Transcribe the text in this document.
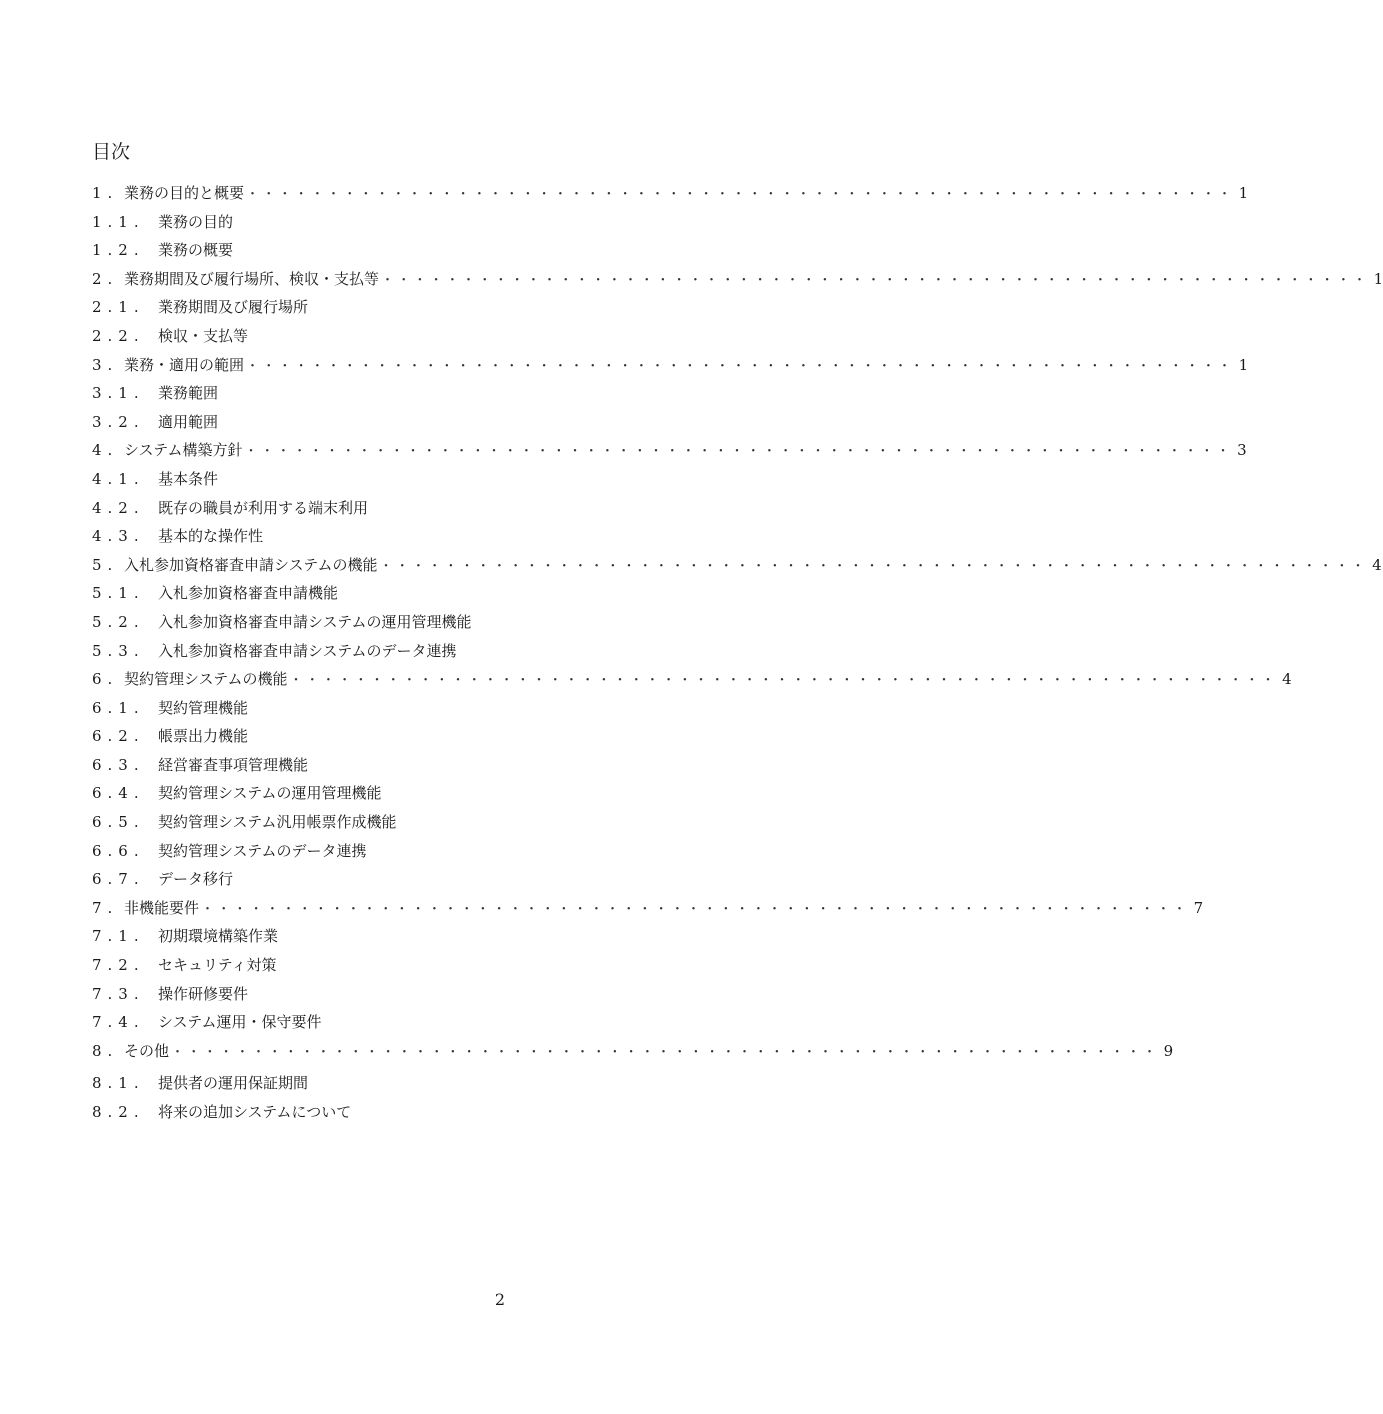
目次
1. 業務の目的と概要 ・・・・・・・・・・・・・・・・・・・・・・・・・・・・・・・・・・・・・・・・・・・・・・・・・・・・・・・・・・・・・ 1
1.1. 業務の目的
1.2. 業務の概要
2. 業務期間及び履行場所、検収・支払等 ・・・・・・・・・・・・・・・・・・・・・・・・・・・・・・・・・・・・・・・・・・・・・・・・・・・・・・・・・・・・・ 1
2.1. 業務期間及び履行場所
2.2. 検収・支払等
3. 業務・適用の範囲 ・・・・・・・・・・・・・・・・・・・・・・・・・・・・・・・・・・・・・・・・・・・・・・・・・・・・・・・・・・・・・ 1
3.1. 業務範囲
3.2. 適用範囲
4. システム構築方針 ・・・・・・・・・・・・・・・・・・・・・・・・・・・・・・・・・・・・・・・・・・・・・・・・・・・・・・・・・・・・・ 3
4.1. 基本条件
4.2. 既存の職員が利用する端末利用
4.3. 基本的な操作性
5. 入札参加資格審査申請システムの機能 ・・・・・・・・・・・・・・・・・・・・・・・・・・・・・・・・・・・・・・・・・・・・・・・・・・・・・・・・・・・・・ 4
5.1. 入札参加資格審査申請機能
5.2. 入札参加資格審査申請システムの運用管理機能
5.3. 入札参加資格審査申請システムのデータ連携
6. 契約管理システムの機能 ・・・・・・・・・・・・・・・・・・・・・・・・・・・・・・・・・・・・・・・・・・・・・・・・・・・・・・・・・・・・・ 4
6.1. 契約管理機能
6.2. 帳票出力機能
6.3. 経営審査事項管理機能
6.4. 契約管理システムの運用管理機能
6.5. 契約管理システム汎用帳票作成機能
6.6. 契約管理システムのデータ連携
6.7. データ移行
7. 非機能要件 ・・・・・・・・・・・・・・・・・・・・・・・・・・・・・・・・・・・・・・・・・・・・・・・・・・・・・・・・・・・・・ 7
7.1. 初期環境構築作業
7.2. セキュリティ対策
7.3. 操作研修要件
7.4. システム運用・保守要件
8. その他 ・・・・・・・・・・・・・・・・・・・・・・・・・・・・・・・・・・・・・・・・・・・・・・・・・・・・・・・・・・・・・ 9
8.1. 提供者の運用保証期間
8.2. 将来の追加システムについて
2
